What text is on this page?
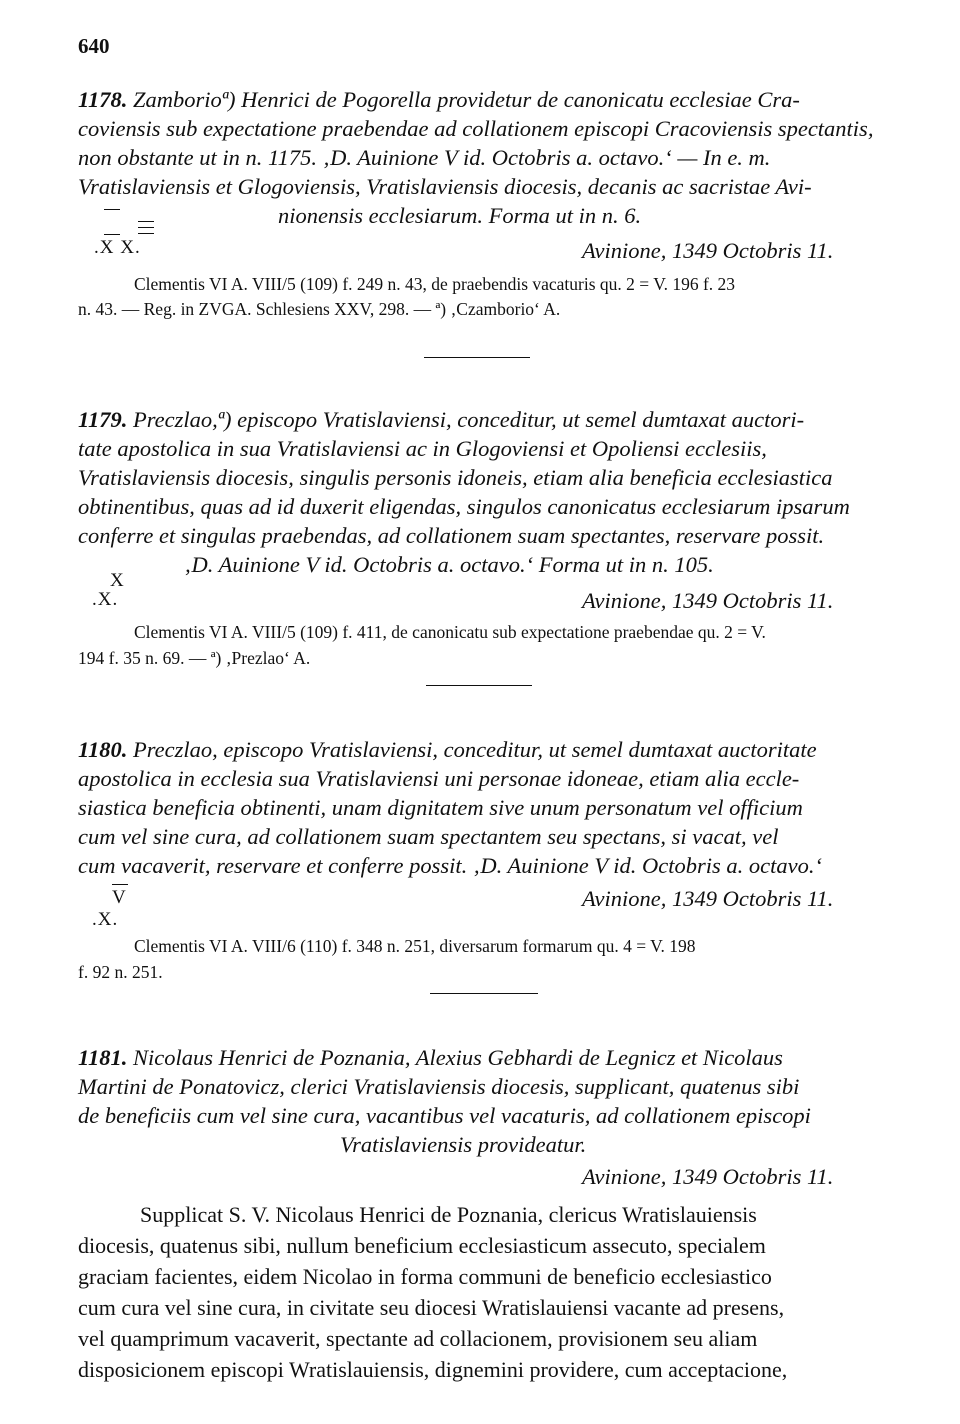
640
1178. Zamborioª) Henrici de Pogorella providetur de canonicatu ecclesiae Cra-
coviensis sub expectatione praebendae ad collationem episcopi Cracoviensis spectantis,
non obstante ut in n. 1175. ‚D. Auinione V id. Octobris a. octavo.‘ — In e. m.
Vratislaviensis et Glogoviensis, Vratislaviensis diocesis, decanis ac sacristae Avi-
nionensis ecclesiarum. Forma ut in n. 6.
.X X.	Avinione, 1349 Octobris 11.
Clementis VI A. VIII/5 (109) f. 249 n. 43, de praebendis vacaturis qu. 2 = V. 196 f. 23
n. 43. — Reg. in ZVGA. Schlesiens XXV, 298. — ª) ‚Czamborio‘ A.
1179. Preczlao,ª) episcopo Vratislaviensi, conceditur, ut semel dumtaxat auctori-
tate apostolica in sua Vratislaviensi ac in Glogoviensi et Opoliensi ecclesiis,
Vratislaviensis diocesis, singulis personis idoneis, etiam alia beneficia ecclesiastica
obtinentibus, quas ad id duxerit eligendas, singulos canonicatus ecclesiarum ipsarum
conferre et singulas praebendas, ad collationem suam spectantes, reservare possit.
‚D. Auinione V id. Octobris a. octavo.‘ Forma ut in n. 105.
X
.X.	Avinione, 1349 Octobris 11.
Clementis VI A. VIII/5 (109) f. 411, de canonicatu sub expectatione praebendae qu. 2 = V.
194 f. 35 n. 69. — ª) ‚Prezlao‘ A.
1180. Preczlao, episcopo Vratislaviensi, conceditur, ut semel dumtaxat auctoritate
apostolica in ecclesia sua Vratislaviensi uni personae idoneae, etiam alia eccle-
siastica beneficia obtinenti, unam dignitatem sive unum personatum vel officium
cum vel sine cura, ad collationem suam spectantem seu spectans, si vacat, vel
cum vacaverit, reservare et conferre possit. ‚D. Auinione V id. Octobris a. octavo.‘
V
.X.
Avinione, 1349 Octobris 11.
Clementis VI A. VIII/6 (110) f. 348 n. 251, diversarum formarum qu. 4 = V. 198
f. 92 n. 251.
1181. Nicolaus Henrici de Poznania, Alexius Gebhardi de Legnicz et Nicolaus
Martini de Ponatovicz, clerici Vratislaviensis diocesis, supplicant, quatenus sibi
de beneficiis cum vel sine cura, vacantibus vel vacaturis, ad collationem episcopi
Vratislaviensis provideatur.
Avinione, 1349 Octobris 11.
Supplicat S. V. Nicolaus Henrici de Poznania, clericus Wratislauiensis
diocesis, quatenus sibi, nullum beneficium ecclesiasticum assecuto, specialem
graciam facientes, eidem Nicolao in forma communi de beneficio ecclesiastico
cum cura vel sine cura, in civitate seu diocesi Wratislauiensi vacante ad presens,
vel quamprimum vacaverit, spectante ad collacionem, provisionem seu aliam
disposicionem episcopi Wratislauiensis, dignemini providere, cum acceptacione,
